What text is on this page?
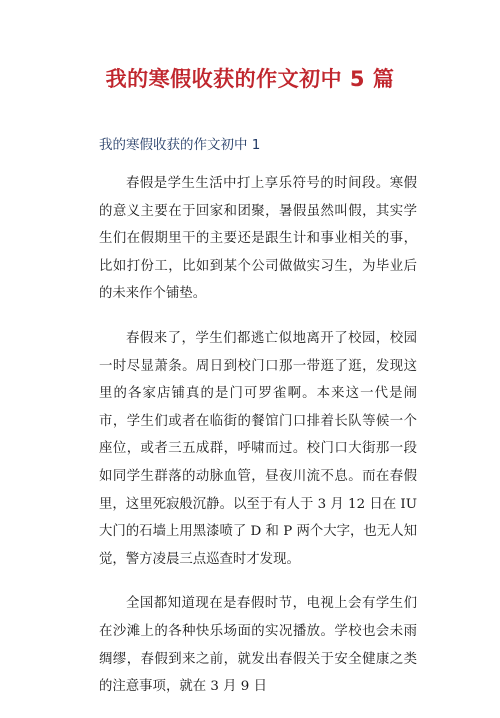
我的寒假收获的作文初中 5 篇
我的寒假收获的作文初中 1

春假是学生生活中打上享乐符号的时间段。寒假的意义主要在于回家和团聚，暑假虽然叫假，其实学生们在假期里干的主要还是跟生计和事业相关的事，比如打份工，比如到某个公司做做实习生，为毕业后的未来作个铺垫。

春假来了，学生们都逃亡似地离开了校园，校园一时尽显萧条。周日到校门口那一带逛了逛，发现这里的各家店铺真的是门可罗雀啊。本来这一代是闹市，学生们或者在临街的餐馆门口排着长队等候一个座位，或者三五成群，呼啸而过。校门口大街那一段如同学生群落的动脉血管，昼夜川流不息。而在春假里，这里死寂般沉静。以至于有人于 3 月 12 日在 IU 大门的石墙上用黑漆喷了 D 和 P 两个大字，也无人知觉，警方凌晨三点巡查时才发现。

全国都知道现在是春假时节，电视上会有学生们在沙滩上的各种快乐场面的实况播放。学校也会未雨绸缪，春假到来之前，就发出春假关于安全健康之类的注意事项，就在 3 月 9 日
